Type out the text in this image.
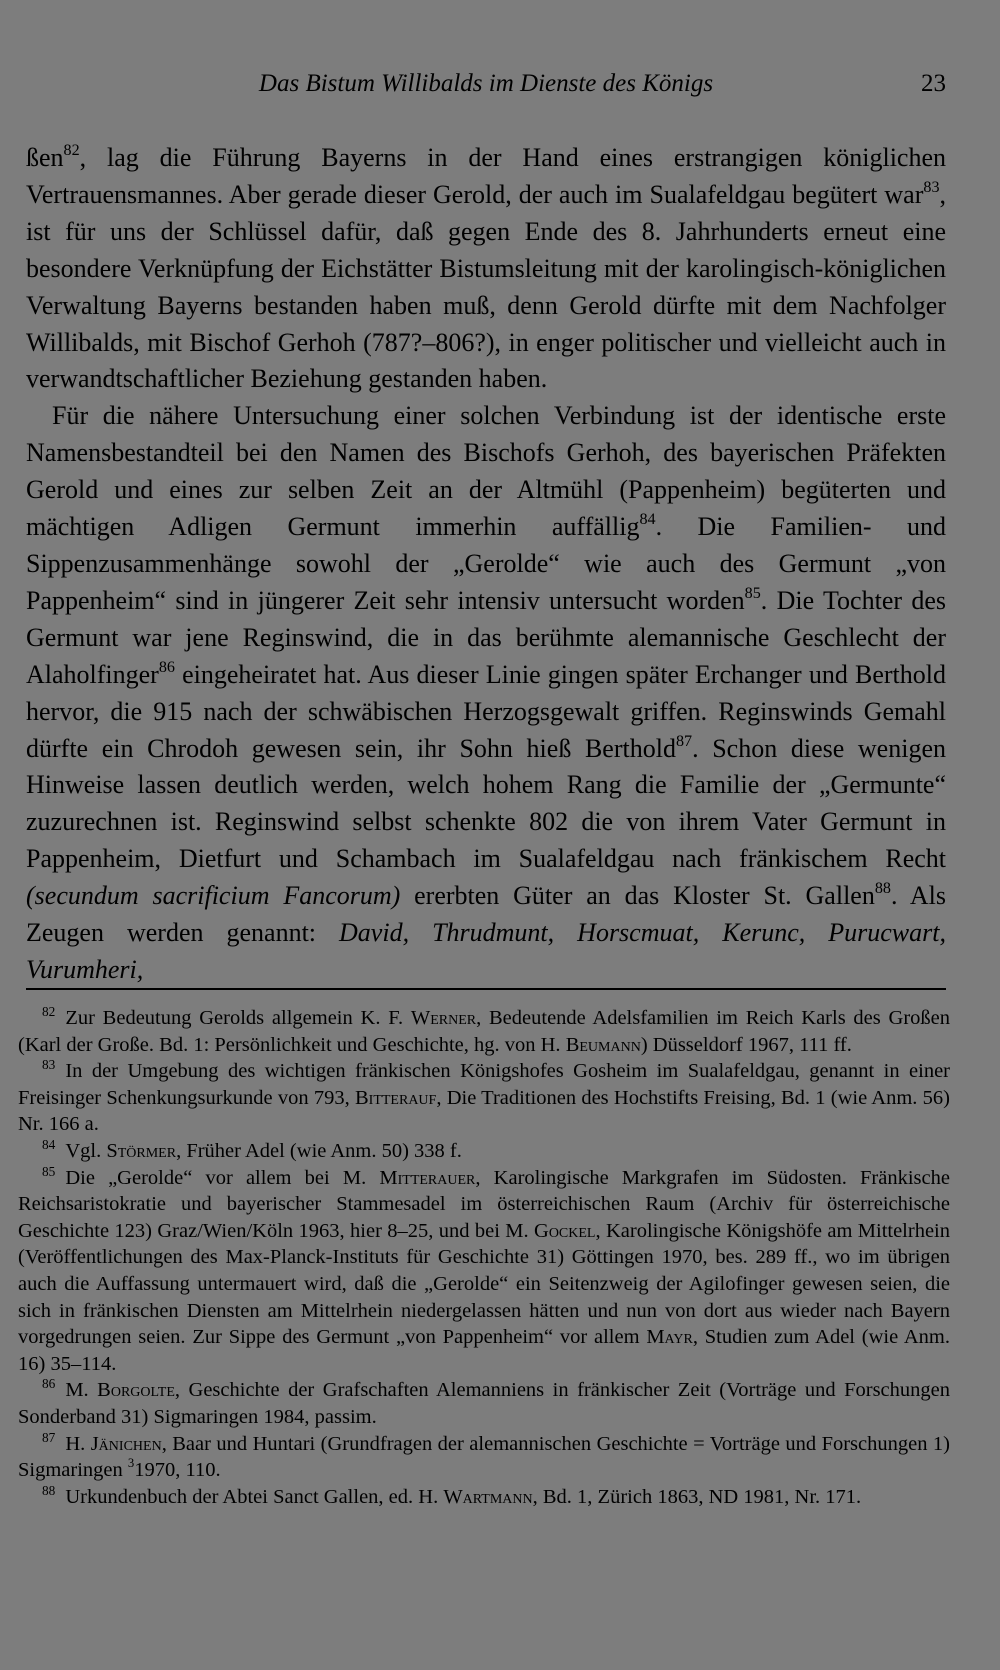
Das Bistum Willibalds im Dienste des Königs	23

ßen$^{82}$, lag die Führung Bayerns in der Hand eines erstrangigen königlichen Vertrauensmannes. Aber gerade dieser Gerold, der auch im Sualafeldgau begütert war$^{83}$, ist für uns der Schlüssel dafür, daß gegen Ende des 8. Jahrhunderts erneut eine besondere Verknüpfung der Eichstätter Bistumsleitung mit der karolingisch-königlichen Verwaltung Bayerns bestanden haben muß, denn Gerold dürfte mit dem Nachfolger Willibalds, mit Bischof Gerhoh (787?–806?), in enger politischer und vielleicht auch in verwandtschaftlicher Beziehung gestanden haben.

Für die nähere Untersuchung einer solchen Verbindung ist der identische erste Namensbestandteil bei den Namen des Bischofs Gerhoh, des bayerischen Präfekten Gerold und eines zur selben Zeit an der Altmühl (Pappenheim) begüterten und mächtigen Adligen Germunt immerhin auffällig$^{84}$. Die Familien- und Sippenzusammenhänge sowohl der „Gerolde“ wie auch des Germunt „von Pappenheim“ sind in jüngerer Zeit sehr intensiv untersucht worden$^{85}$. Die Tochter des Germunt war jene Reginswind, die in das berühmte alemannische Geschlecht der Alaholfinger$^{86}$ eingeheiratet hat. Aus dieser Linie gingen später Erchanger und Berthold hervor, die 915 nach der schwäbischen Herzogsgewalt griffen. Reginswinds Gemahl dürfte ein Chrodoh gewesen sein, ihr Sohn hieß Berthold$^{87}$. Schon diese wenigen Hinweise lassen deutlich werden, welch hohem Rang die Familie der „Germunte“ zuzurechnen ist. Reginswind selbst schenkte 802 die von ihrem Vater Germunt in Pappenheim, Dietfurt und Schambach im Sualafeldgau nach fränkischem Recht (secundum sacrificium Fancorum) ererbten Güter an das Kloster St. Gallen$^{88}$. Als Zeugen werden genannt: David, Thrudmunt, Horscmuat, Kerunc, Purucwart, Vurumheri,

$^{82}$ Zur Bedeutung Gerolds allgemein K. F. Werner, Bedeutende Adelsfamilien im Reich Karls des Großen (Karl der Große. Bd. 1: Persönlichkeit und Geschichte, hg. von H. Beumann) Düsseldorf 1967, 111 ff.

$^{83}$ In der Umgebung des wichtigen fränkischen Königshofes Gosheim im Sualafeldgau, genannt in einer Freisinger Schenkungsurkunde von 793, Bitterauf, Die Traditionen des Hochstifts Freising, Bd. 1 (wie Anm. 56) Nr. 166 a.

$^{84}$ Vgl. Störmer, Früher Adel (wie Anm. 50) 338 f.

$^{85}$ Die „Gerolde“ vor allem bei M. Mitterauer, Karolingische Markgrafen im Südosten. Fränkische Reichsaristokratie und bayerischer Stammesadel im österreichischen Raum (Archiv für österreichische Geschichte 123) Graz/Wien/Köln 1963, hier 8–25, und bei M. Gockel, Karolingische Königshöfe am Mittelrhein (Veröffentlichungen des Max-Planck-Instituts für Geschichte 31) Göttingen 1970, bes. 289 ff., wo im übrigen auch die Auffassung untermauert wird, daß die „Gerolde“ ein Seitenzweig der Agilofinger gewesen seien, die sich in fränkischen Diensten am Mittelrhein niedergelassen hätten und nun von dort aus wieder nach Bayern vorgedrungen seien. Zur Sippe des Germunt „von Pappenheim“ vor allem Mayr, Studien zum Adel (wie Anm. 16) 35–114.

$^{86}$ M. Borgolte, Geschichte der Grafschaften Alemanniens in fränkischer Zeit (Vorträge und Forschungen Sonderband 31) Sigmaringen 1984, passim.

$^{87}$ H. Jänichen, Baar und Huntari (Grundfragen der alemannischen Geschichte = Vorträge und Forschungen 1) Sigmaringen $^3$1970, 110.

$^{88}$ Urkundenbuch der Abtei Sanct Gallen, ed. H. Wartmann, Bd. 1, Zürich 1863, ND 1981, Nr. 171.
